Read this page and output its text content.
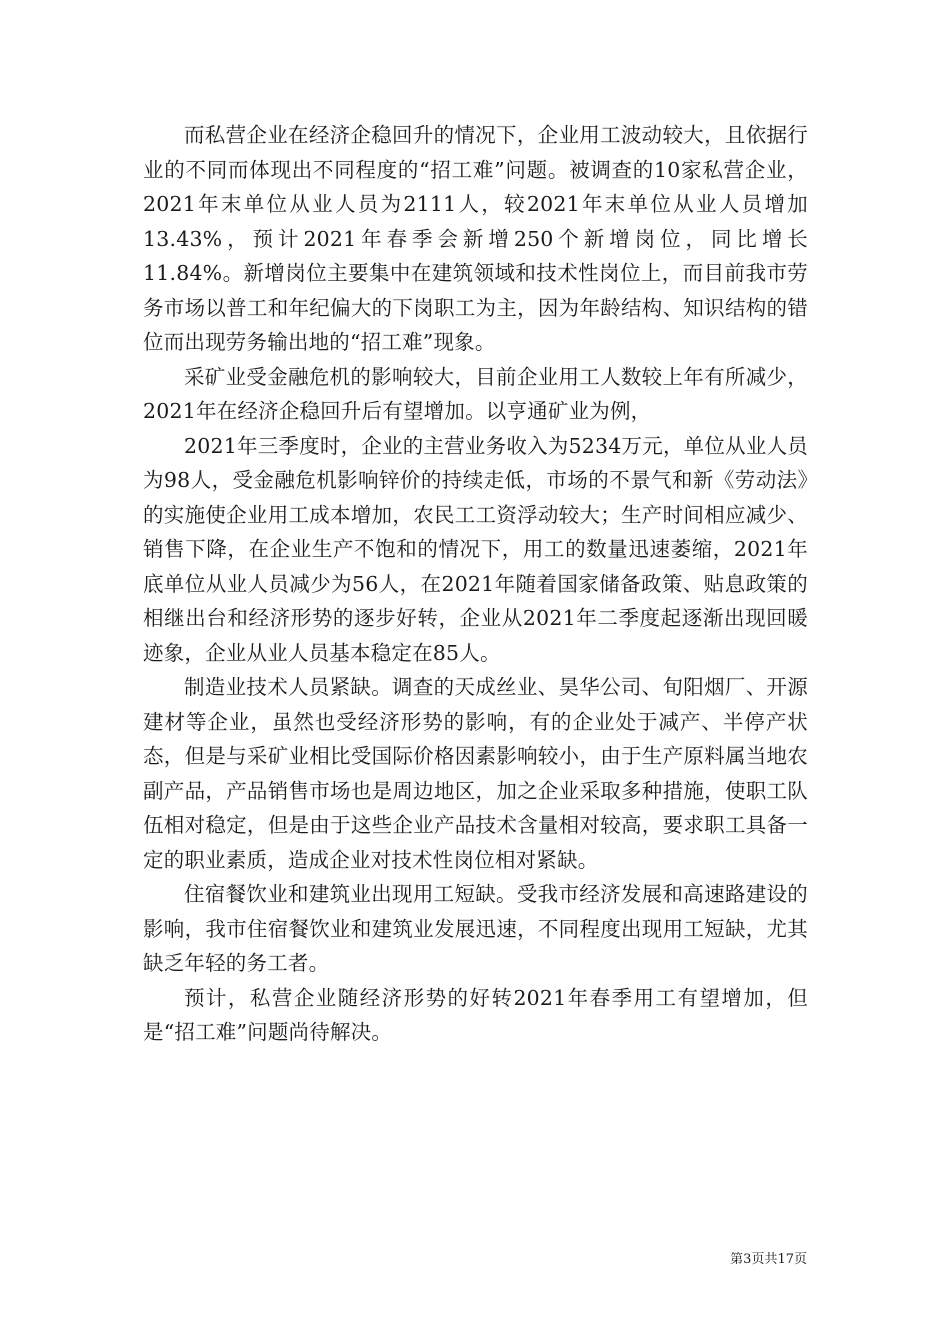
而私营企业在经济企稳回升的情况下，企业用工波动较大，且依据行业的不同而体现出不同程度的“招工难”问题。被调查的10家私营企业，2021年末单位从业人员为2111人，较2021年末单位从业人员增加13.43%，预计2021年春季会新增250个新增岗位，同比增长11.84%。新增岗位主要集中在建筑领域和技术性岗位上，而目前我市劳务市场以普工和年纪偏大的下岗职工为主，因为年龄结构、知识结构的错位而出现劳务输出地的“招工难”现象。

采矿业受金融危机的影响较大，目前企业用工人数较上年有所减少，2021年在经济企稳回升后有望增加。以亨通矿业为例，

2021年三季度时，企业的主营业务收入为5234万元，单位从业人员为98人，受金融危机影响锌价的持续走低，市场的不景气和新《劳动法》的实施使企业用工成本增加，农民工工资浮动较大；生产时间相应减少、销售下降，在企业生产不饱和的情况下，用工的数量迅速萎缩，2021年底单位从业人员减少为56人，在2021年随着国家储备政策、贴息政策的相继出台和经济形势的逐步好转，企业从2021年二季度起逐渐出现回暖迹象，企业从业人员基本稳定在85人。

制造业技术人员紧缺。调查的天成丝业、昊华公司、旬阳烟厂、开源建材等企业，虽然也受经济形势的影响，有的企业处于减产、半停产状态，但是与采矿业相比受国际价格因素影响较小，由于生产原料属当地农副产品，产品销售市场也是周边地区，加之企业采取多种措施，使职工队伍相对稳定，但是由于这些企业产品技术含量相对较高，要求职工具备一定的职业素质，造成企业对技术性岗位相对紧缺。

住宿餐饮业和建筑业出现用工短缺。受我市经济发展和高速路建设的影响，我市住宿餐饮业和建筑业发展迅速，不同程度出现用工短缺，尤其缺乏年轻的务工者。

预计，私营企业随经济形势的好转2021年春季用工有望增加，但是“招工难”问题尚待解决。

第3页共17页
